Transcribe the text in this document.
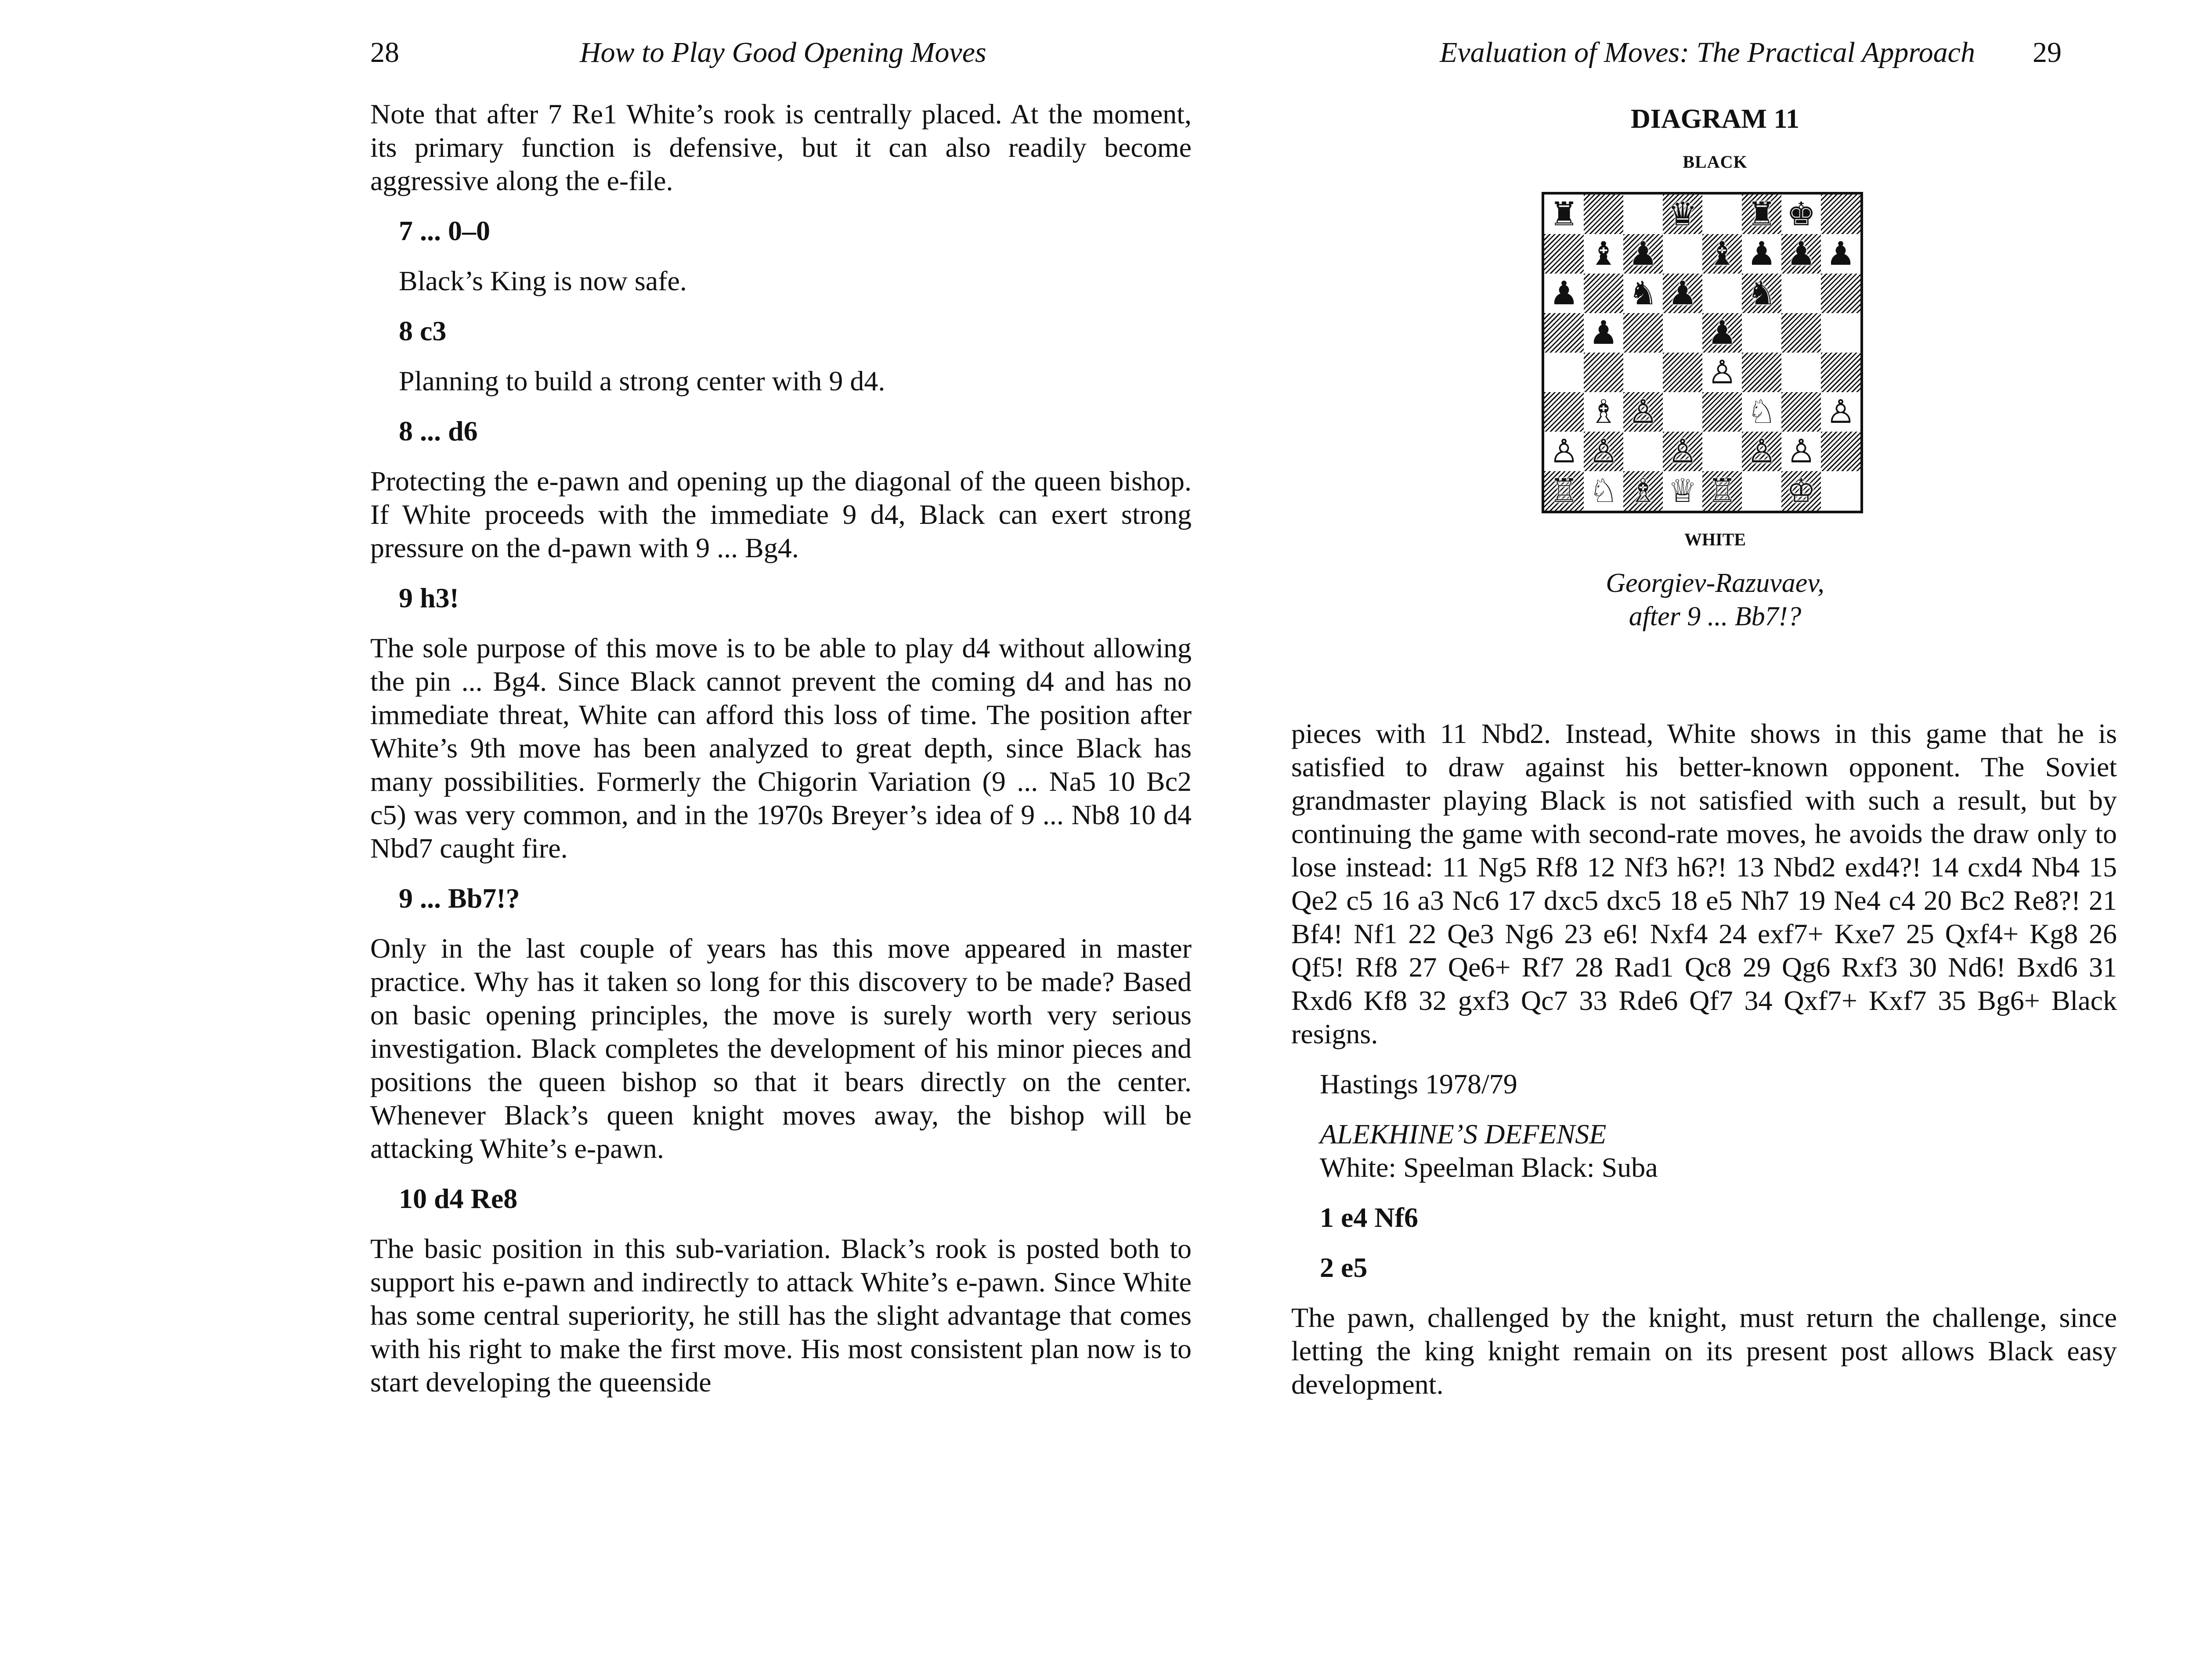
28	How to Play Good Opening Moves

Note that after 7 Re1 White’s rook is centrally placed. At the moment, its primary function is defensive, but it can also readily become aggressive along the e-file.

7 ... 0–0

Black’s King is now safe.

8 c3

Planning to build a strong center with 9 d4.

8 ... d6

Protecting the e-pawn and opening up the diagonal of the queen bishop. If White proceeds with the immediate 9 d4, Black can exert strong pressure on the d-pawn with 9 ... Bg4.

9 h3!

The sole purpose of this move is to be able to play d4 without allowing the pin ... Bg4. Since Black cannot prevent the coming d4 and has no immediate threat, White can afford this loss of time. The position after White’s 9th move has been analyzed to great depth, since Black has many possibilities. Formerly the Chigorin Variation (9 ... Na5 10 Bc2 c5) was very common, and in the 1970s Breyer’s idea of 9 ... Nb8 10 d4 Nbd7 caught fire.

9 ... Bb7!?

Only in the last couple of years has this move appeared in master practice. Why has it taken so long for this discovery to be made? Based on basic opening principles, the move is surely worth very serious investigation. Black completes the development of his minor pieces and positions the queen bishop so that it bears directly on the center. Whenever Black’s queen knight moves away, the bishop will be attacking White’s e-pawn.

10 d4 Re8

The basic position in this sub-variation. Black’s rook is posted both to support his e-pawn and indirectly to attack White’s e-pawn. Since White has some central superiority, he still has the slight advantage that comes with his right to make the first move. His most consistent plan now is to start developing the queenside

Evaluation of Moves: The Practical Approach 29
DIAGRAM 11
BLACK
♜	♛ ♜ ♚
♝ ♟ ♝ ♟ ♟ ♟
♟ ♞ ♟ ♞
♟	♟
♙
♗ ♙	♘ ♙
♙ ♙ ♙ ♙ ♙
♖ ♘ ♗ ♕ ♖ ♔
WHITE
Georgiev-Razuvaev,
after 9 ... Bb7!?

pieces with 11 Nbd2. Instead, White shows in this game that he is satisfied to draw against his better-known opponent. The Soviet grandmaster playing Black is not satisfied with such a result, but by continuing the game with second-rate moves, he avoids the draw only to lose instead: 11 Ng5 Rf8 12 Nf3 h6?! 13 Nbd2 exd4?! 14 cxd4 Nb4 15 Qe2 c5 16 a3 Nc6 17 dxc5 dxc5 18 e5 Nh7 19 Ne4 c4 20 Bc2 Re8?! 21 Bf4! Nf1 22 Qe3 Ng6 23 e6! Nxf4 24 exf7+ Kxe7 25 Qxf4+ Kg8 26 Qf5! Rf8 27 Qe6+ Rf7 28 Rad1 Qc8 29 Qg6 Rxf3 30 Nd6! Bxd6 31 Rxd6 Kf8 32 gxf3 Qc7 33 Rde6 Qf7 34 Qxf7+ Kxf7 35 Bg6+ Black resigns.

Hastings 1978/79

ALEKHINE’S DEFENSE
White: Speelman Black: Suba

1 e4 Nf6

2 e5

The pawn, challenged by the knight, must return the challenge, since letting the king knight remain on its present post allows Black easy development.
